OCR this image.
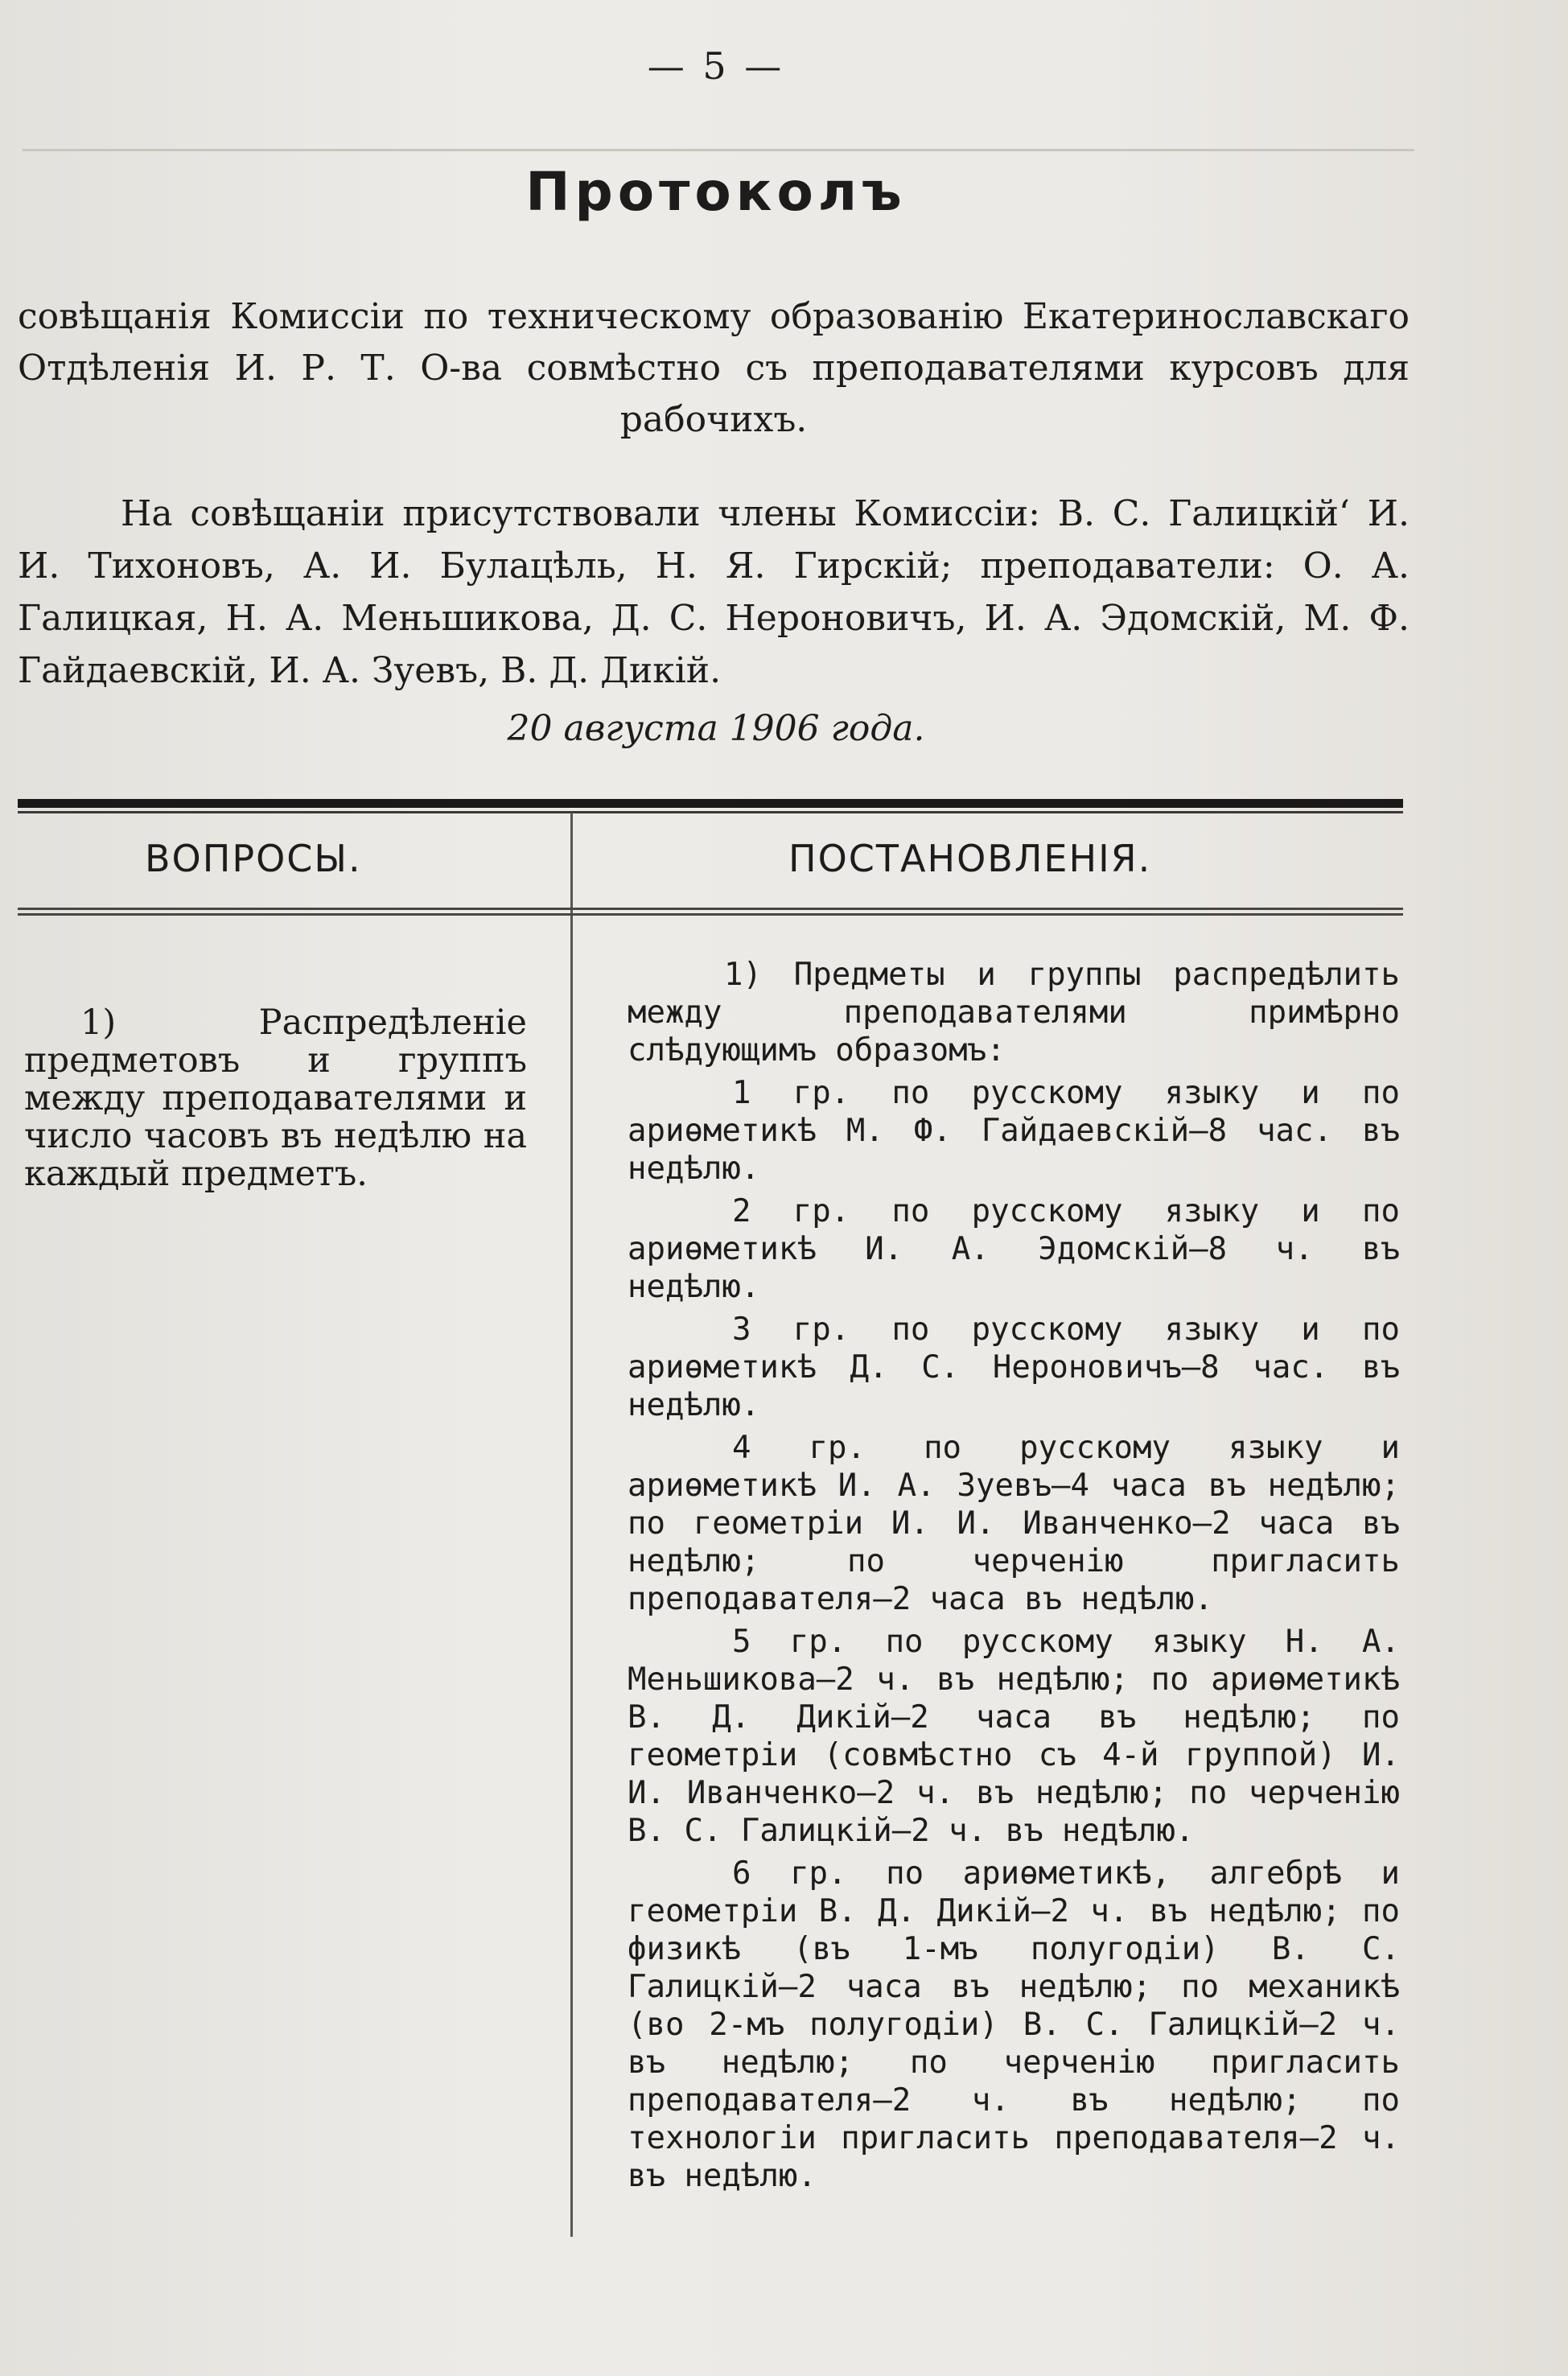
— 5 —
Протоколъ
совѣщанія Комиссіи по техническому образованію Екатеринославскаго Отдѣленія И. Р. Т. О-ва совмѣстно съ преподавателями курсовъ для рабочихъ.
На совѣщаніи присутствовали члены Комиссіи: В. С. Галицкій‘ И. И. Тихоновъ, А. И. Булацѣль, Н. Я. Гирскій; преподаватели: О. А. Галицкая, Н. А. Меньшикова, Д. С. Нероновичъ, И. А. Эдомскій, М. Ф. Гайдаевскій, И. А. Зуевъ, В. Д. Дикій.
20 августа 1906 года.
ВОПРОСЫ.	ПОСТАНОВЛЕНІЯ.
1) Распредѣленіе предметовъ и группъ между преподавателями и число часовъ въ недѣлю на каждый предметъ.

1) Предметы и группы распредѣлить между преподавателями примѣрно слѣдующимъ образомъ:

1 гр. по русскому языку и по ариѳметикѣ М. Ф. Гайдаевскій—8 час. въ недѣлю.

2 гр. по русскому языку и по ариѳметикѣ И. А. Эдомскій—8 ч. въ недѣлю.

3 гр. по русскому языку и по ариѳметикѣ Д. С. Нероновичъ—8 час. въ недѣлю.

4 гр. по русскому языку и ариѳметикѣ И. А. Зуевъ—4 часа въ недѣлю; по геометріи И. И. Иванченко—2 часа въ недѣлю; по черченію пригласить преподавателя—2 часа въ недѣлю.

5 гр. по русскому языку Н. А. Меньшикова—2 ч. въ недѣлю; по ариѳметикѣ В. Д. Дикій—2 часа въ недѣлю; по геометріи (совмѣстно съ 4-й группой) И. И. Иванченко—2 ч. въ недѣлю; по черченію В. С. Галицкій—2 ч. въ недѣлю.

6 гр. по ариѳметикѣ, алгебрѣ и геометріи В. Д. Дикій—2 ч. въ недѣлю; по физикѣ (въ 1-мъ полугодіи) В. С. Галицкій—2 часа въ недѣлю; по механикѣ (во 2-мъ полугодіи) В. С. Галицкій—2 ч. въ недѣлю; по черченію пригласить преподавателя—2 ч. въ недѣлю; по технологіи пригласить преподавателя—2 ч. въ недѣлю.
